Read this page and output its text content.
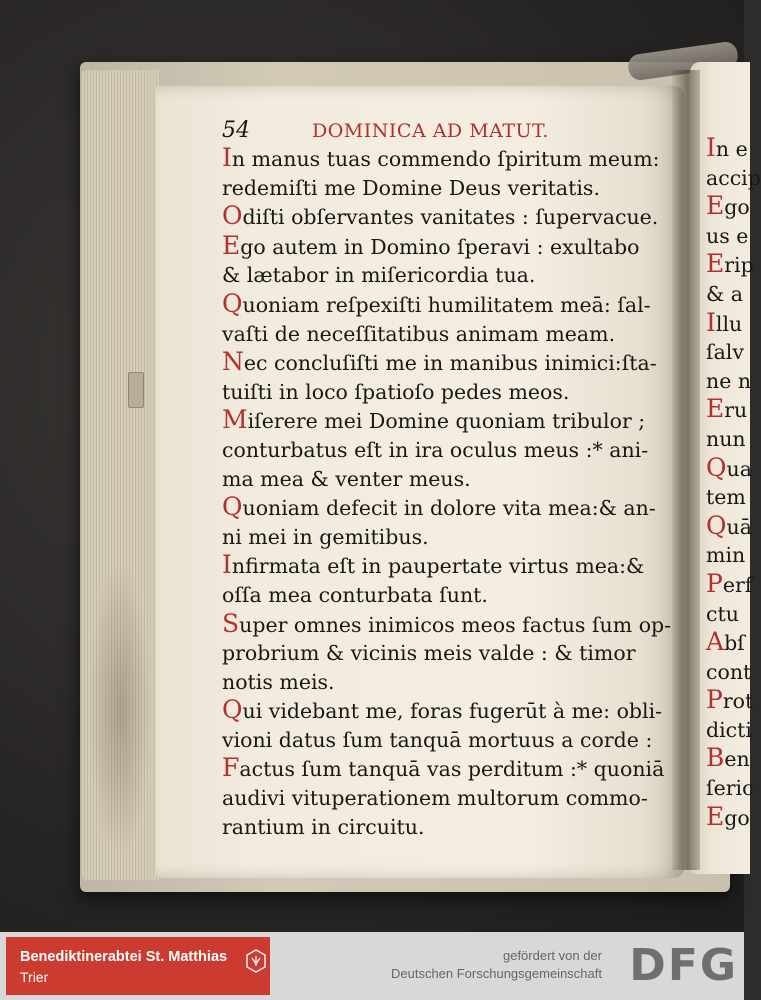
54	DOMINICA AD MATUT.
In manus tuas commendo ſpiritum meum:
redemiſti me Domine Deus veritatis.
Odiſti obſervantes vanitates : ſupervacue.
Ego autem in Domino ſperavi : exultabo
& lætabor in miſericordia tua.
Quoniam reſpexiſti humilitatem meā: ſal-
vaſti de neceſſitatibus animam meam.
Nec concluſiſti me in manibus inimici:ſta-
tuiſti in loco ſpatioſo pedes meos.
Miſerere mei Domine quoniam tribulor ;
conturbatus eſt in ira oculus meus :* ani-
ma mea & venter meus.
Quoniam defecit in dolore vita mea:& an-
ni mei in gemitibus.
Infirmata eſt in paupertate virtus mea:&
oſſa mea conturbata ſunt.
Super omnes inimicos meos factus ſum op-
probrium & vicinis meis valde : & timor
notis meis.
Qui videbant me, foras fugerūt à me: obli-
vioni datus ſum tanquā mortuus a corde :
Factus ſum tanquā vas perditum :* quoniā
audivi vituperationem multorum commo-
rantium in circuitu.
In e
accip
Ego
us e
Erip
& a
Illu
ſalv
ne n
Eru
nun
Qua
tem
Quā
min
Perf
ctu
Abſ
cont
Prot
dicti
Ben
ſeric
Ego
Benediktinerabtei St. Matthias
Trier
gefördert von der
Deutschen Forschungsgemeinschaft DFG
